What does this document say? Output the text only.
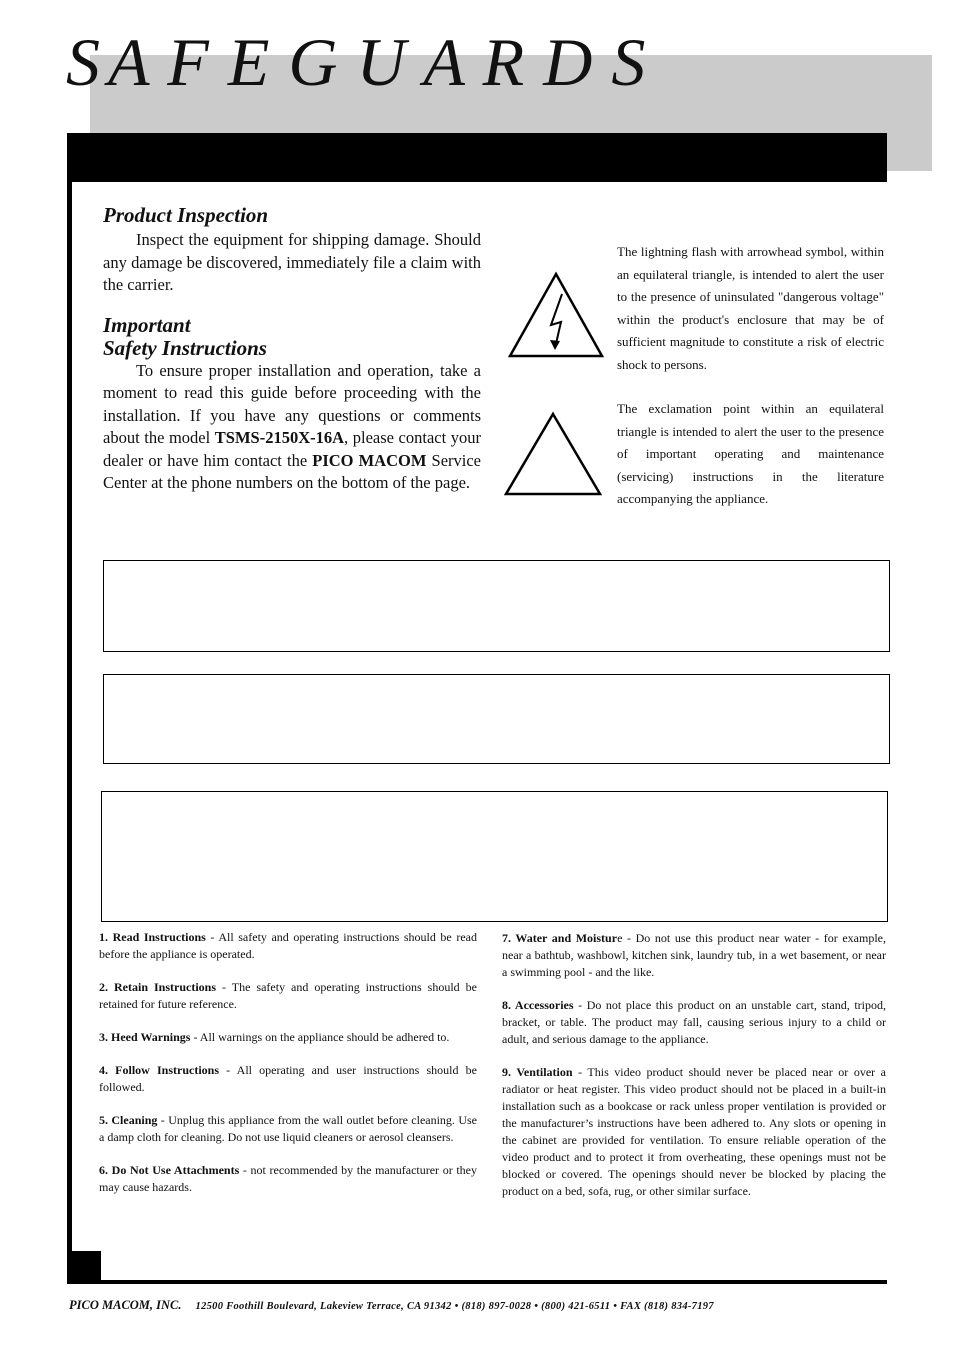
SA F E G U A R D S
Product Inspection
Inspect the equipment for shipping damage. Should any damage be discovered, immediately file a claim with the carrier.
Important
Safety Instructions
To ensure proper installation and operation, take a moment to read this guide before proceeding with the installation. If you have any questions or comments about the model TSMS-2150X-16A, please contact your dealer or have him contact the PICO MACOM Service Center at the phone numbers on the bottom of the page.
The lightning flash with arrowhead symbol, within an equilateral triangle, is intended to alert the user to the presence of uninsulated "dangerous voltage" within the product's enclosure that may be of sufficient magnitude to constitute a risk of electric shock to persons.
The exclamation point within an equilateral triangle is intended to alert the user to the presence of important operating and maintenance (servicing) instructions in the literature accompanying the appliance.
1. Read Instructions - All safety and operating instructions should be read before the appliance is operated.
2. Retain Instructions - The safety and operating instructions should be retained for future reference.
3. Heed Warnings - All warnings on the appliance should be adhered to.
4. Follow Instructions - All operating and user instructions should be followed.
5. Cleaning - Unplug this appliance from the wall outlet before cleaning. Use a damp cloth for cleaning. Do not use liquid cleaners or aerosol cleansers.
6. Do Not Use Attachments - not recommended by the manufacturer or they may cause hazards.
7. Water and Moisture - Do not use this product near water - for example, near a bathtub, washbowl, kitchen sink, laundry tub, in a wet basement, or near a swimming pool - and the like.
8. Accessories - Do not place this product on an unstable cart, stand, tripod, bracket, or table. The product may fall, causing serious injury to a child or adult, and serious damage to the appliance.
9. Ventilation - This video product should never be placed near or over a radiator or heat register. This video product should not be placed in a built-in installation such as a bookcase or rack unless proper ventilation is provided or the manufacturer’s instructions have been adhered to. Any slots or opening in the cabinet are provided for ventilation. To ensure reliable operation of the video product and to protect it from overheating, these openings must not be blocked or covered. The openings should never be blocked by placing the product on a bed, sofa, rug, or other similar surface.
PICO MACOM, INC. 12500 Foothill Boulevard, Lakeview Terrace, CA 91342 • (818) 897-0028 • (800) 421-6511 • FAX (818) 834-7197
